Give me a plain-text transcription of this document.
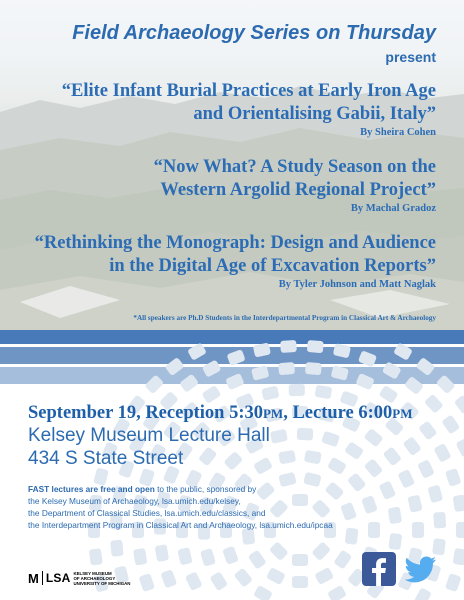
Field Archaeology Series on Thursday
present
“Elite Infant Burial Practices at Early Iron Age
and Orientalising Gabii, Italy”
By Sheira Cohen
“Now What? A Study Season on the
Western Argolid Regional Project”
By Machal Gradoz
“Rethinking the Monograph: Design and Audience
in the Digital Age of Excavation Reports”
By Tyler Johnson and Matt Naglak
*All speakers are Ph.D Students in the Interdepartmental Program in Classical Art & Archaeology
September 19, Reception 5:30PM, Lecture 6:00PM
Kelsey Museum Lecture Hall
434 S State Street
FAST lectures are free and open to the public, sponsored by
the Kelsey Museum of Archaeology, lsa.umich.edu/kelsey,
the Department of Classical Studies, lsa.umich.edu/classics, and
the Interdepartment Program in Classical Art and Archaeology, lsa.umich.edu/ipcaa
M LSA KELSEY MUSEUM
OF ARCHAEOLOGY
UNIVERSITY OF MICHIGAN
